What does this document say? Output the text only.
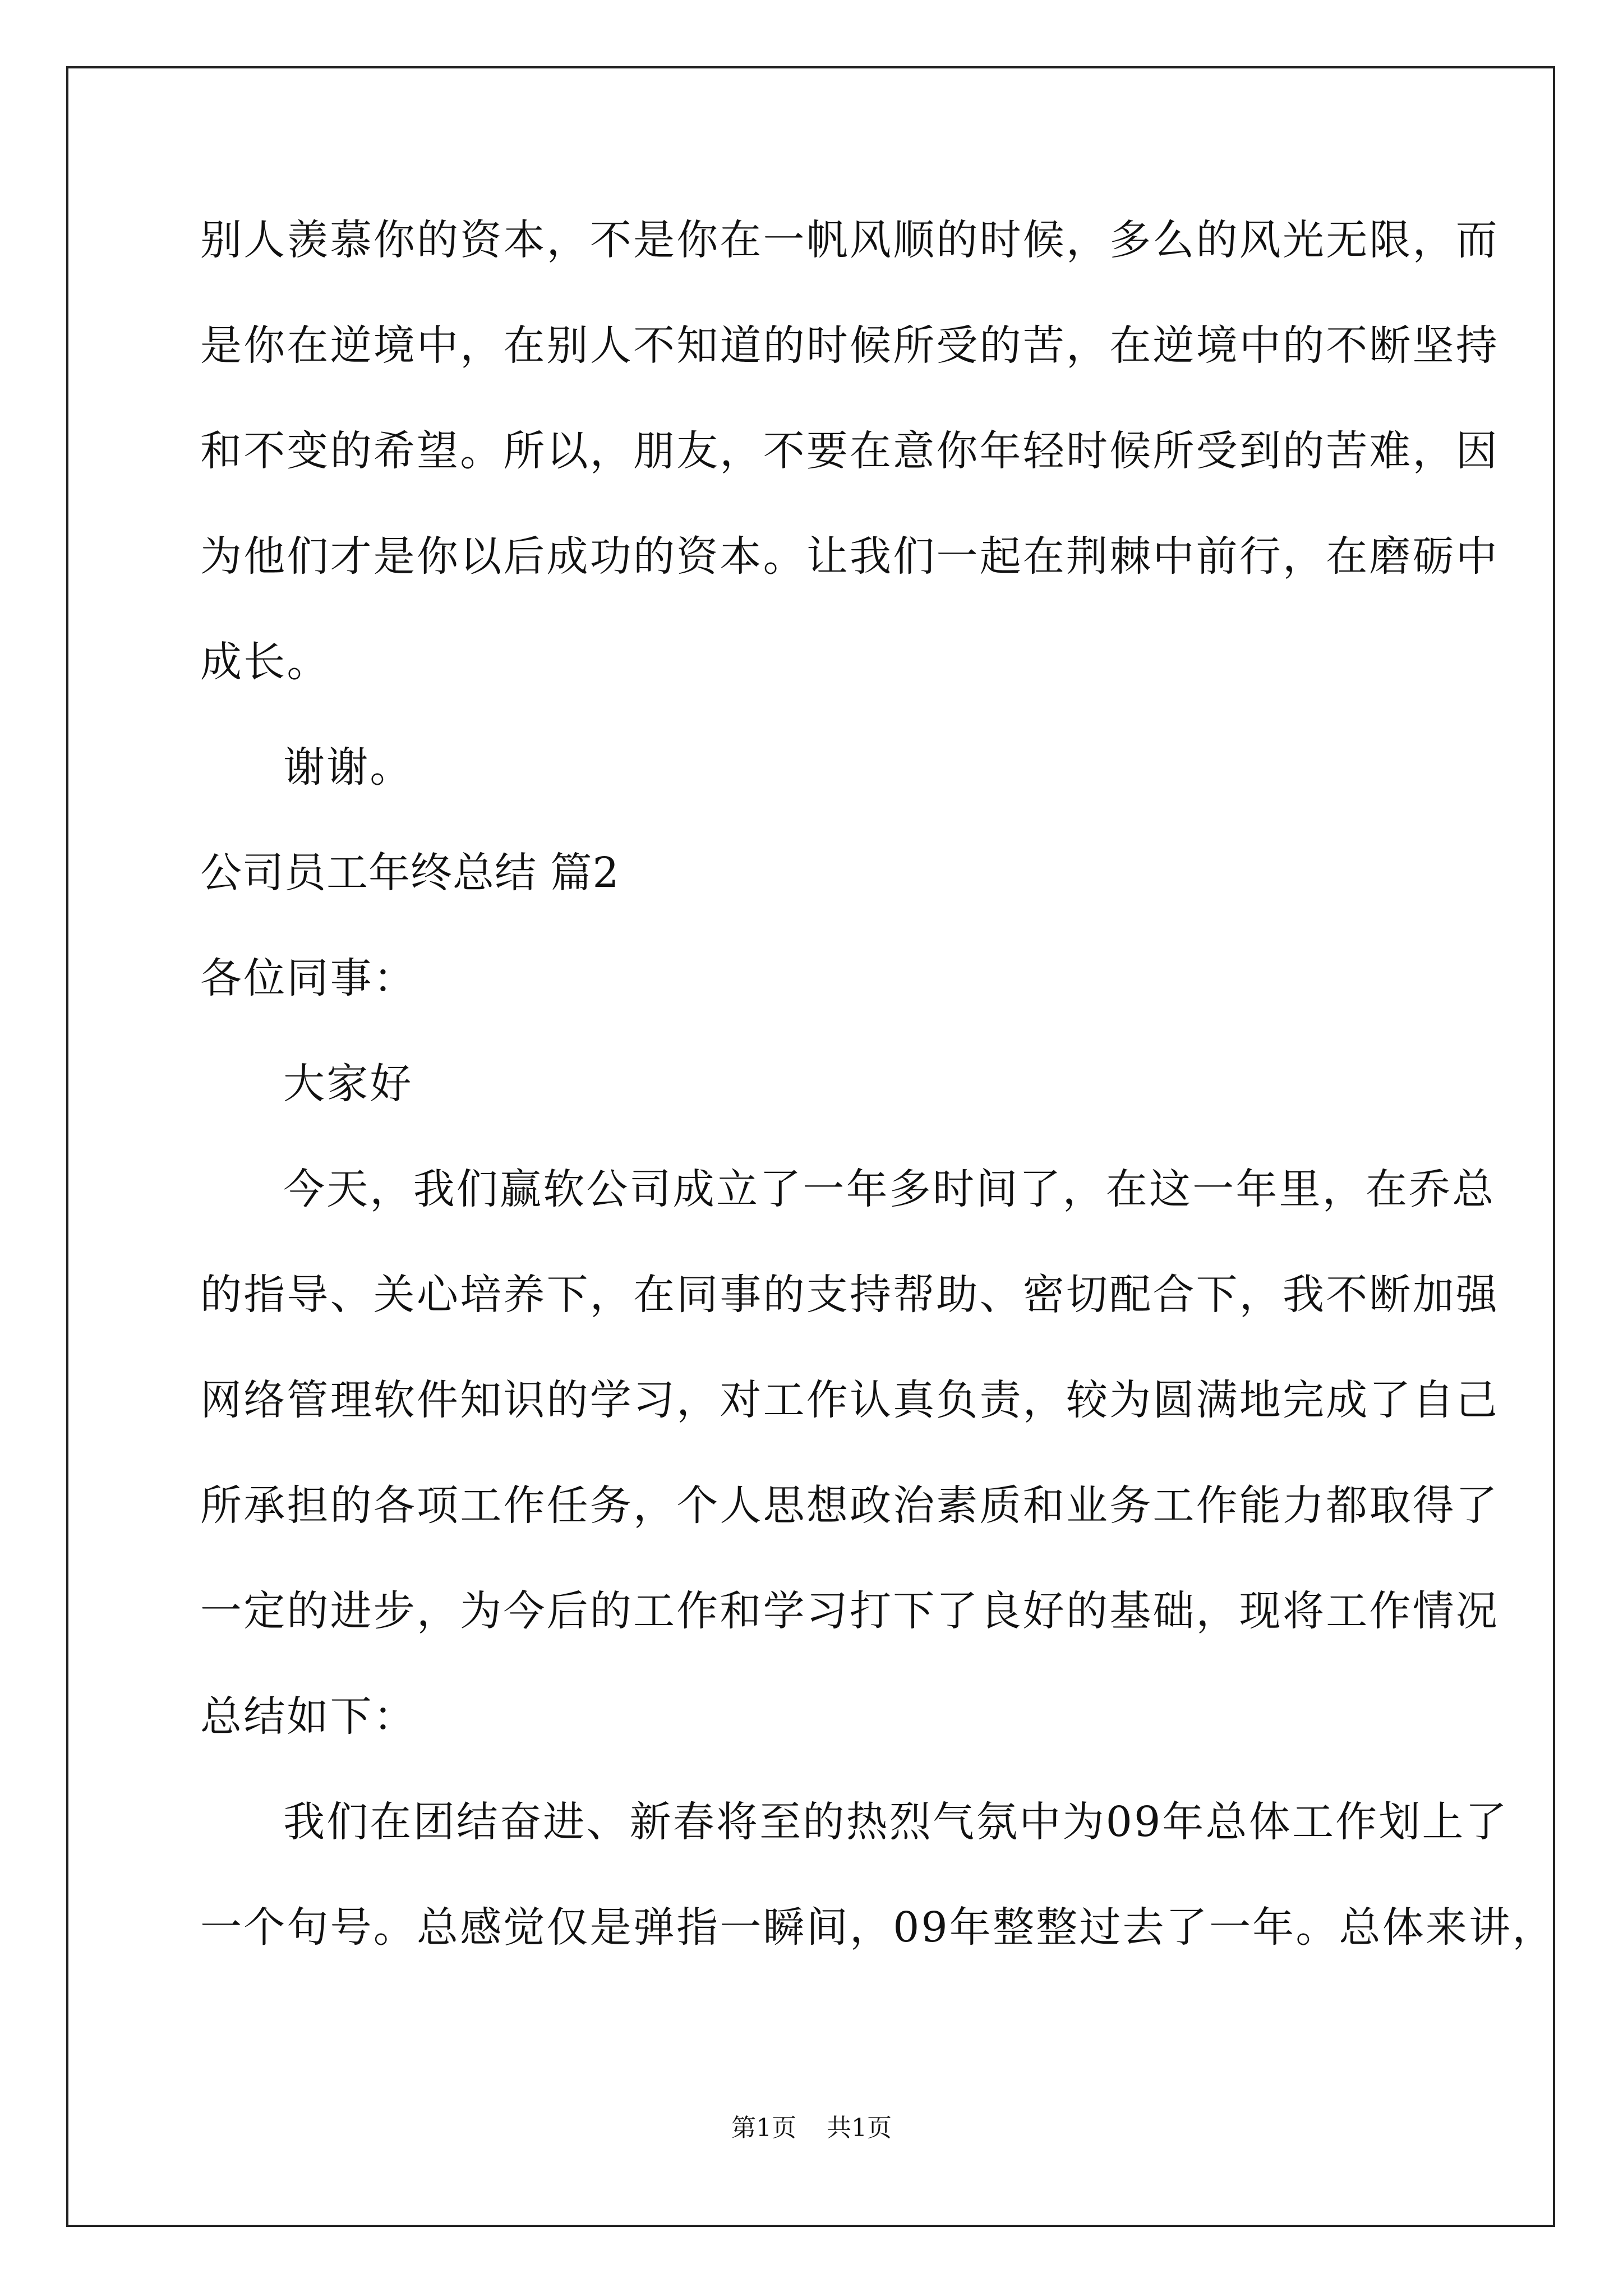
别人羡慕你的资本，不是你在一帆风顺的时候，多么的风光无限，而
是你在逆境中，在别人不知道的时候所受的苦，在逆境中的不断坚持
和不变的希望。所以，朋友，不要在意你年轻时候所受到的苦难，因
为他们才是你以后成功的资本。让我们一起在荆棘中前行，在磨砺中
成长。
谢谢。
公司员工年终总结 篇2
各位同事：
大家好
今天，我们赢软公司成立了一年多时间了，在这一年里，在乔总
的指导、关心培养下，在同事的支持帮助、密切配合下，我不断加强
网络管理软件知识的学习，对工作认真负责，较为圆满地完成了自己
所承担的各项工作任务，个人思想政治素质和业务工作能力都取得了
一定的进步，为今后的工作和学习打下了良好的基础，现将工作情况
总结如下：
我们在团结奋进、新春将至的热烈气氛中为09年总体工作划上了
一个句号。总感觉仅是弹指一瞬间，09年整整过去了一年。总体来讲，
第1页 共1页
